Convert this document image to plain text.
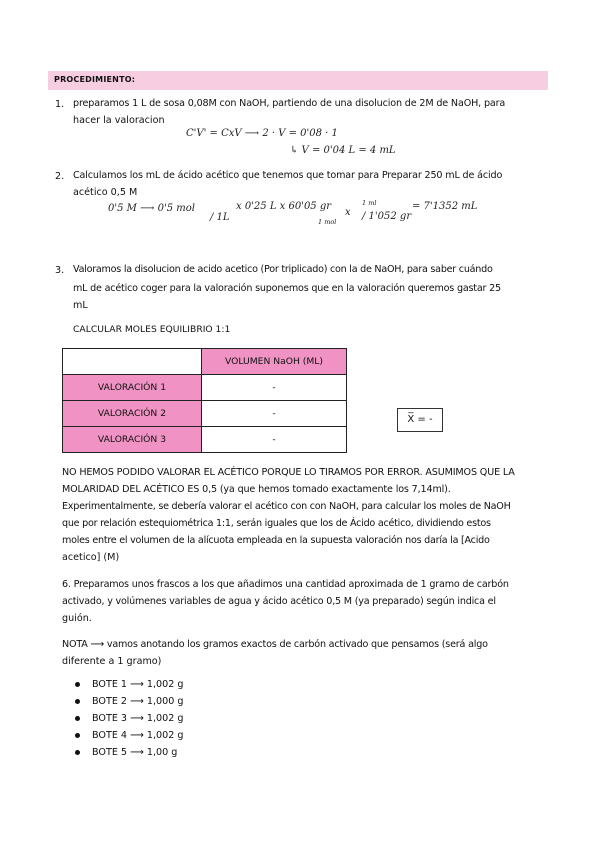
PROCEDIMIENTO:
1. preparamos 1 L de sosa 0,08M con NaOH, partiendo de una disolucion de 2M de NaOH, para
hacer la valoracion
C'V' = CxV ⟶ 2 · V = 0'08 · 1
↳ V = 0'04 L = 4 mL
2. Calculamos los mL de ácido acético que tenemos que tomar para Preparar 250 mL de ácido
acético 0,5 M
0'5 M ⟶ 0'5 mol
/ 1L
x 0'25 L x 60'05 gr
1 mol
x
1 ml
/ 1'052 gr
= 7'1352 mL
3. Valoramos la disolucion de acido acetico (Por triplicado) con la de NaOH, para saber cuándo
mL de acético coger para la valoración suponemos que en la valoración queremos gastar 25
mL
CALCULAR MOLES EQUILIBRIO 1:1
	VOLUMEN NaOH (ML)
VALORACIÓN 1	-
VALORACIÓN 2	-
VALORACIÓN 3	-
X̅ = -
NO HEMOS PODIDO VALORAR EL ACÉTICO PORQUE LO TIRAMOS POR ERROR. ASUMIMOS QUE LA
MOLARIDAD DEL ACÉTICO ES 0,5 (ya que hemos tomado exactamente los 7,14ml).
Experimentalmente, se debería valorar el acético con con NaOH, para calcular los moles de NaOH
que por relación estequiométrica 1:1, serán iguales que los de Ácido acético, dividiendo estos
moles entre el volumen de la alícuota empleada en la supuesta valoración nos daría la [Acido
acetico] (M)
6. Preparamos unos frascos a los que añadimos una cantidad aproximada de 1 gramo de carbón
activado, y volúmenes variables de agua y ácido acético 0,5 M (ya preparado) según indica el
guión.
NOTA ⟶ vamos anotando los gramos exactos de carbón activado que pensamos (será algo
diferente a 1 gramo)
BOTE 1 ⟶ 1,002 g
BOTE 2 ⟶ 1,000 g
BOTE 3 ⟶ 1,002 g
BOTE 4 ⟶ 1,002 g
BOTE 5 ⟶ 1,00 g
